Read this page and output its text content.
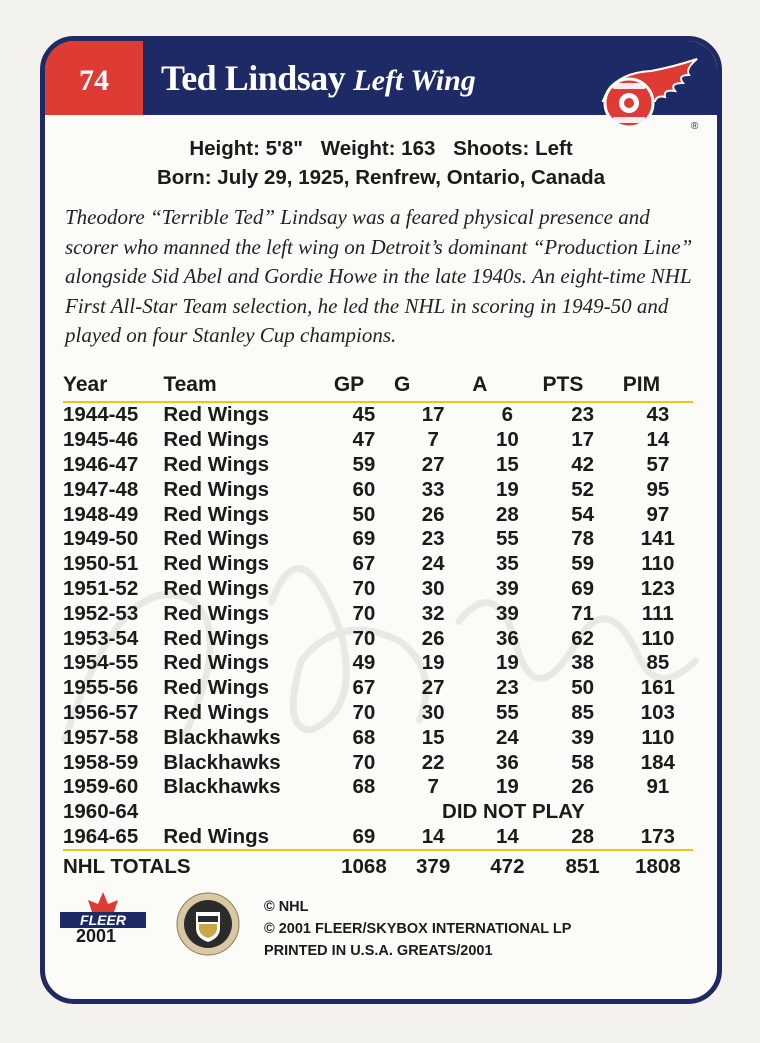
74	Ted Lindsay Left Wing
®
Height: 5'8" Weight: 163 Shoots: Left
Born: July 29, 1925, Renfrew, Ontario, Canada
Theodore “Terrible Ted” Lindsay was a feared physical presence and scorer who manned the left wing on Detroit’s dominant “Production Line” alongside Sid Abel and Gordie Howe in the late 1940s. An eight-time NHL First All-Star Team selection, he led the NHL in scoring in 1949-50 and played on four Stanley Cup champions.
Year	Team	GP	G	A	PTS	PIM
1944-45	Red Wings	45	17	6	23	43
1945-46	Red Wings	47	7	10	17	14
1946-47	Red Wings	59	27	15	42	57
1947-48	Red Wings	60	33	19	52	95
1948-49	Red Wings	50	26	28	54	97
1949-50	Red Wings	69	23	55	78	141
1950-51	Red Wings	67	24	35	59	110
1951-52	Red Wings	70	30	39	69	123
1952-53	Red Wings	70	32	39	71	111
1953-54	Red Wings	70	26	36	62	110
1954-55	Red Wings	49	19	19	38	85
1955-56	Red Wings	67	27	23	50	161
1956-57	Red Wings	70	30	55	85	103
1957-58	Blackhawks	68	15	24	39	110
1958-59	Blackhawks	70	22	36	58	184
1959-60	Blackhawks	68	7	19	26	91
1960-64		DID NOT PLAY				
1964-65	Red Wings	69	14	14	28	173
NHL TOTALS		1068	379	472	851	1808
FLEER
2001
© NHL
© 2001 FLEER/SKYBOX INTERNATIONAL LP
PRINTED IN U.S.A. GREATS/2001
